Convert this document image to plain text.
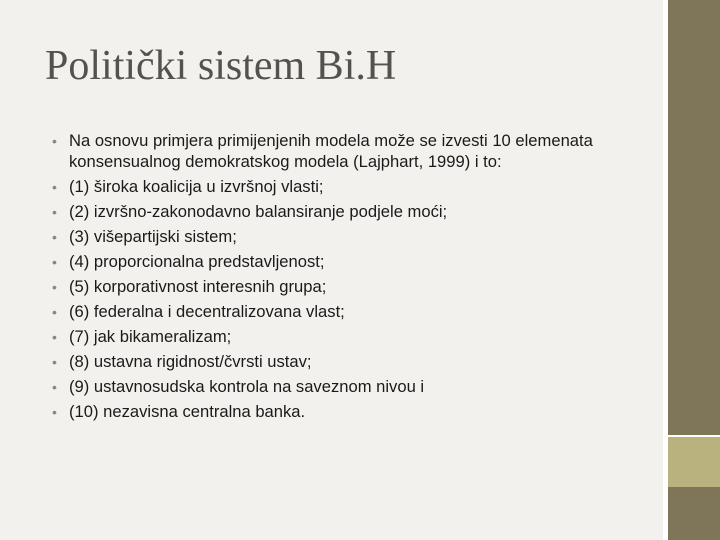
Politički sistem Bi.H
• Na osnovu primjera primijenjenih modela može se izvesti 10 elemenata konsensualnog demokratskog modela (Lajphart, 1999) i to:
• (1) široka koalicija u izvršnoj vlasti;
• (2) izvršno-zakonodavno balansiranje podjele moći;
• (3) višepartijski sistem;
• (4) proporcionalna predstavljenost;
• (5) korporativnost interesnih grupa;
• (6) federalna i decentralizovana vlast;
• (7) jak bikameralizam;
• (8) ustavna rigidnost/čvrsti ustav;
• (9) ustavnosudska kontrola na saveznom nivou i
• (10) nezavisna centralna banka.
